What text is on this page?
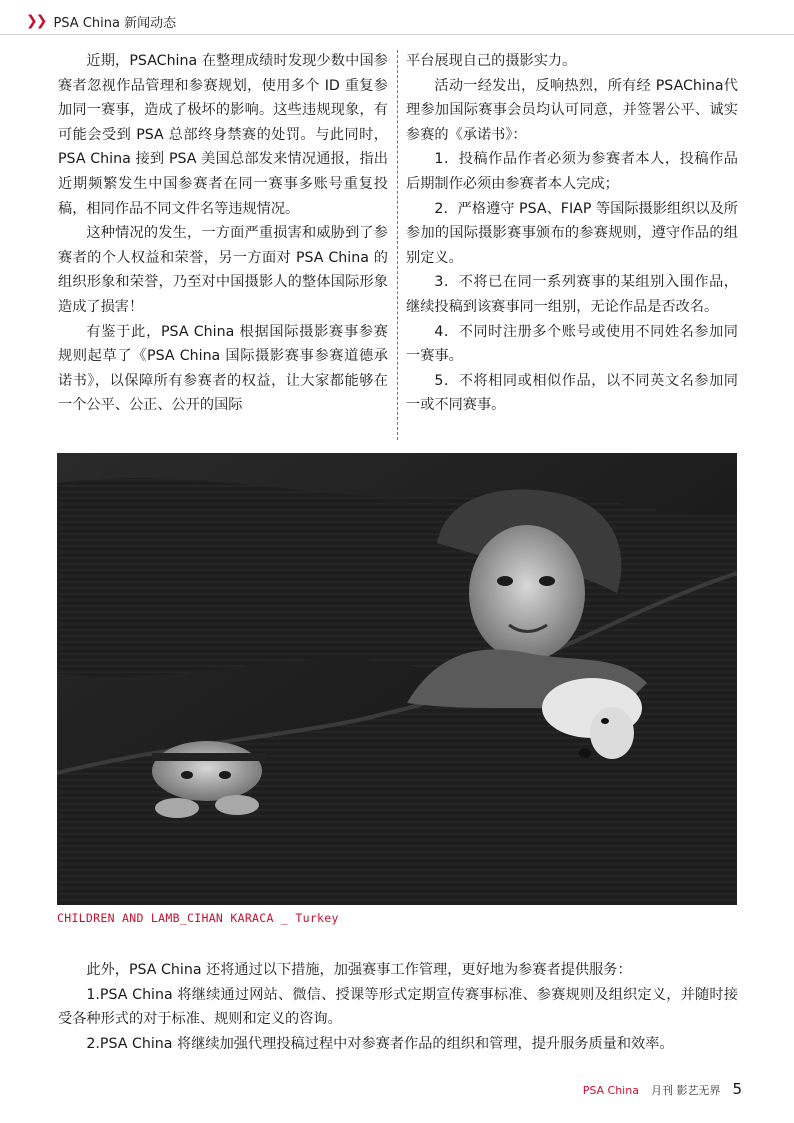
❯❯ PSA China 新闻动态

近期，PSAChina 在整理成绩时发现少数中国参赛者忽视作品管理和参赛规划，使用多个 ID 重复参加同一赛事，造成了极坏的影响。这些违规现象，有可能会受到 PSA 总部终身禁赛的处罚。与此同时，PSA China 接到 PSA 美国总部发来情况通报，指出近期频繁发生中国参赛者在同一赛事多账号重复投稿，相同作品不同文件名等违规情况。

这种情况的发生，一方面严重损害和威胁到了参赛者的个人权益和荣誉，另一方面对 PSA China 的组织形象和荣誉，乃至对中国摄影人的整体国际形象造成了损害！

有鉴于此，PSA China 根据国际摄影赛事参赛规则起草了《PSA China 国际摄影赛事参赛道德承诺书》，以保障所有参赛者的权益，让大家都能够在一个公平、公正、公开的国际

平台展现自己的摄影实力。

活动一经发出，反响热烈，所有经 PSAChina代理参加国际赛事会员均认可同意，并签署公平、诚实参赛的《承诺书》：

1．投稿作品作者必须为参赛者本人，投稿作品后期制作必须由参赛者本人完成；

2．严格遵守 PSA、FIAP 等国际摄影组织以及所参加的国际摄影赛事颁布的参赛规则，遵守作品的组别定义。

3．不将已在同一系列赛事的某组别入围作品，继续投稿到该赛事同一组别，无论作品是否改名。

4．不同时注册多个账号或使用不同姓名参加同一赛事。

5．不将相同或相似作品，以不同英文名参加同一或不同赛事。

CHILDREN AND LAMB_CIHAN KARACA _ Turkey

此外，PSA China 还将通过以下措施，加强赛事工作管理，更好地为参赛者提供服务：

1.PSA China 将继续通过网站、微信、授课等形式定期宣传赛事标准、参赛规则及组织定义，并随时接受各种形式的对于标准、规则和定义的咨询。

2.PSA China 将继续加强代理投稿过程中对参赛者作品的组织和管理，提升服务质量和效率。

PSA China 月刊 影艺无界 5
